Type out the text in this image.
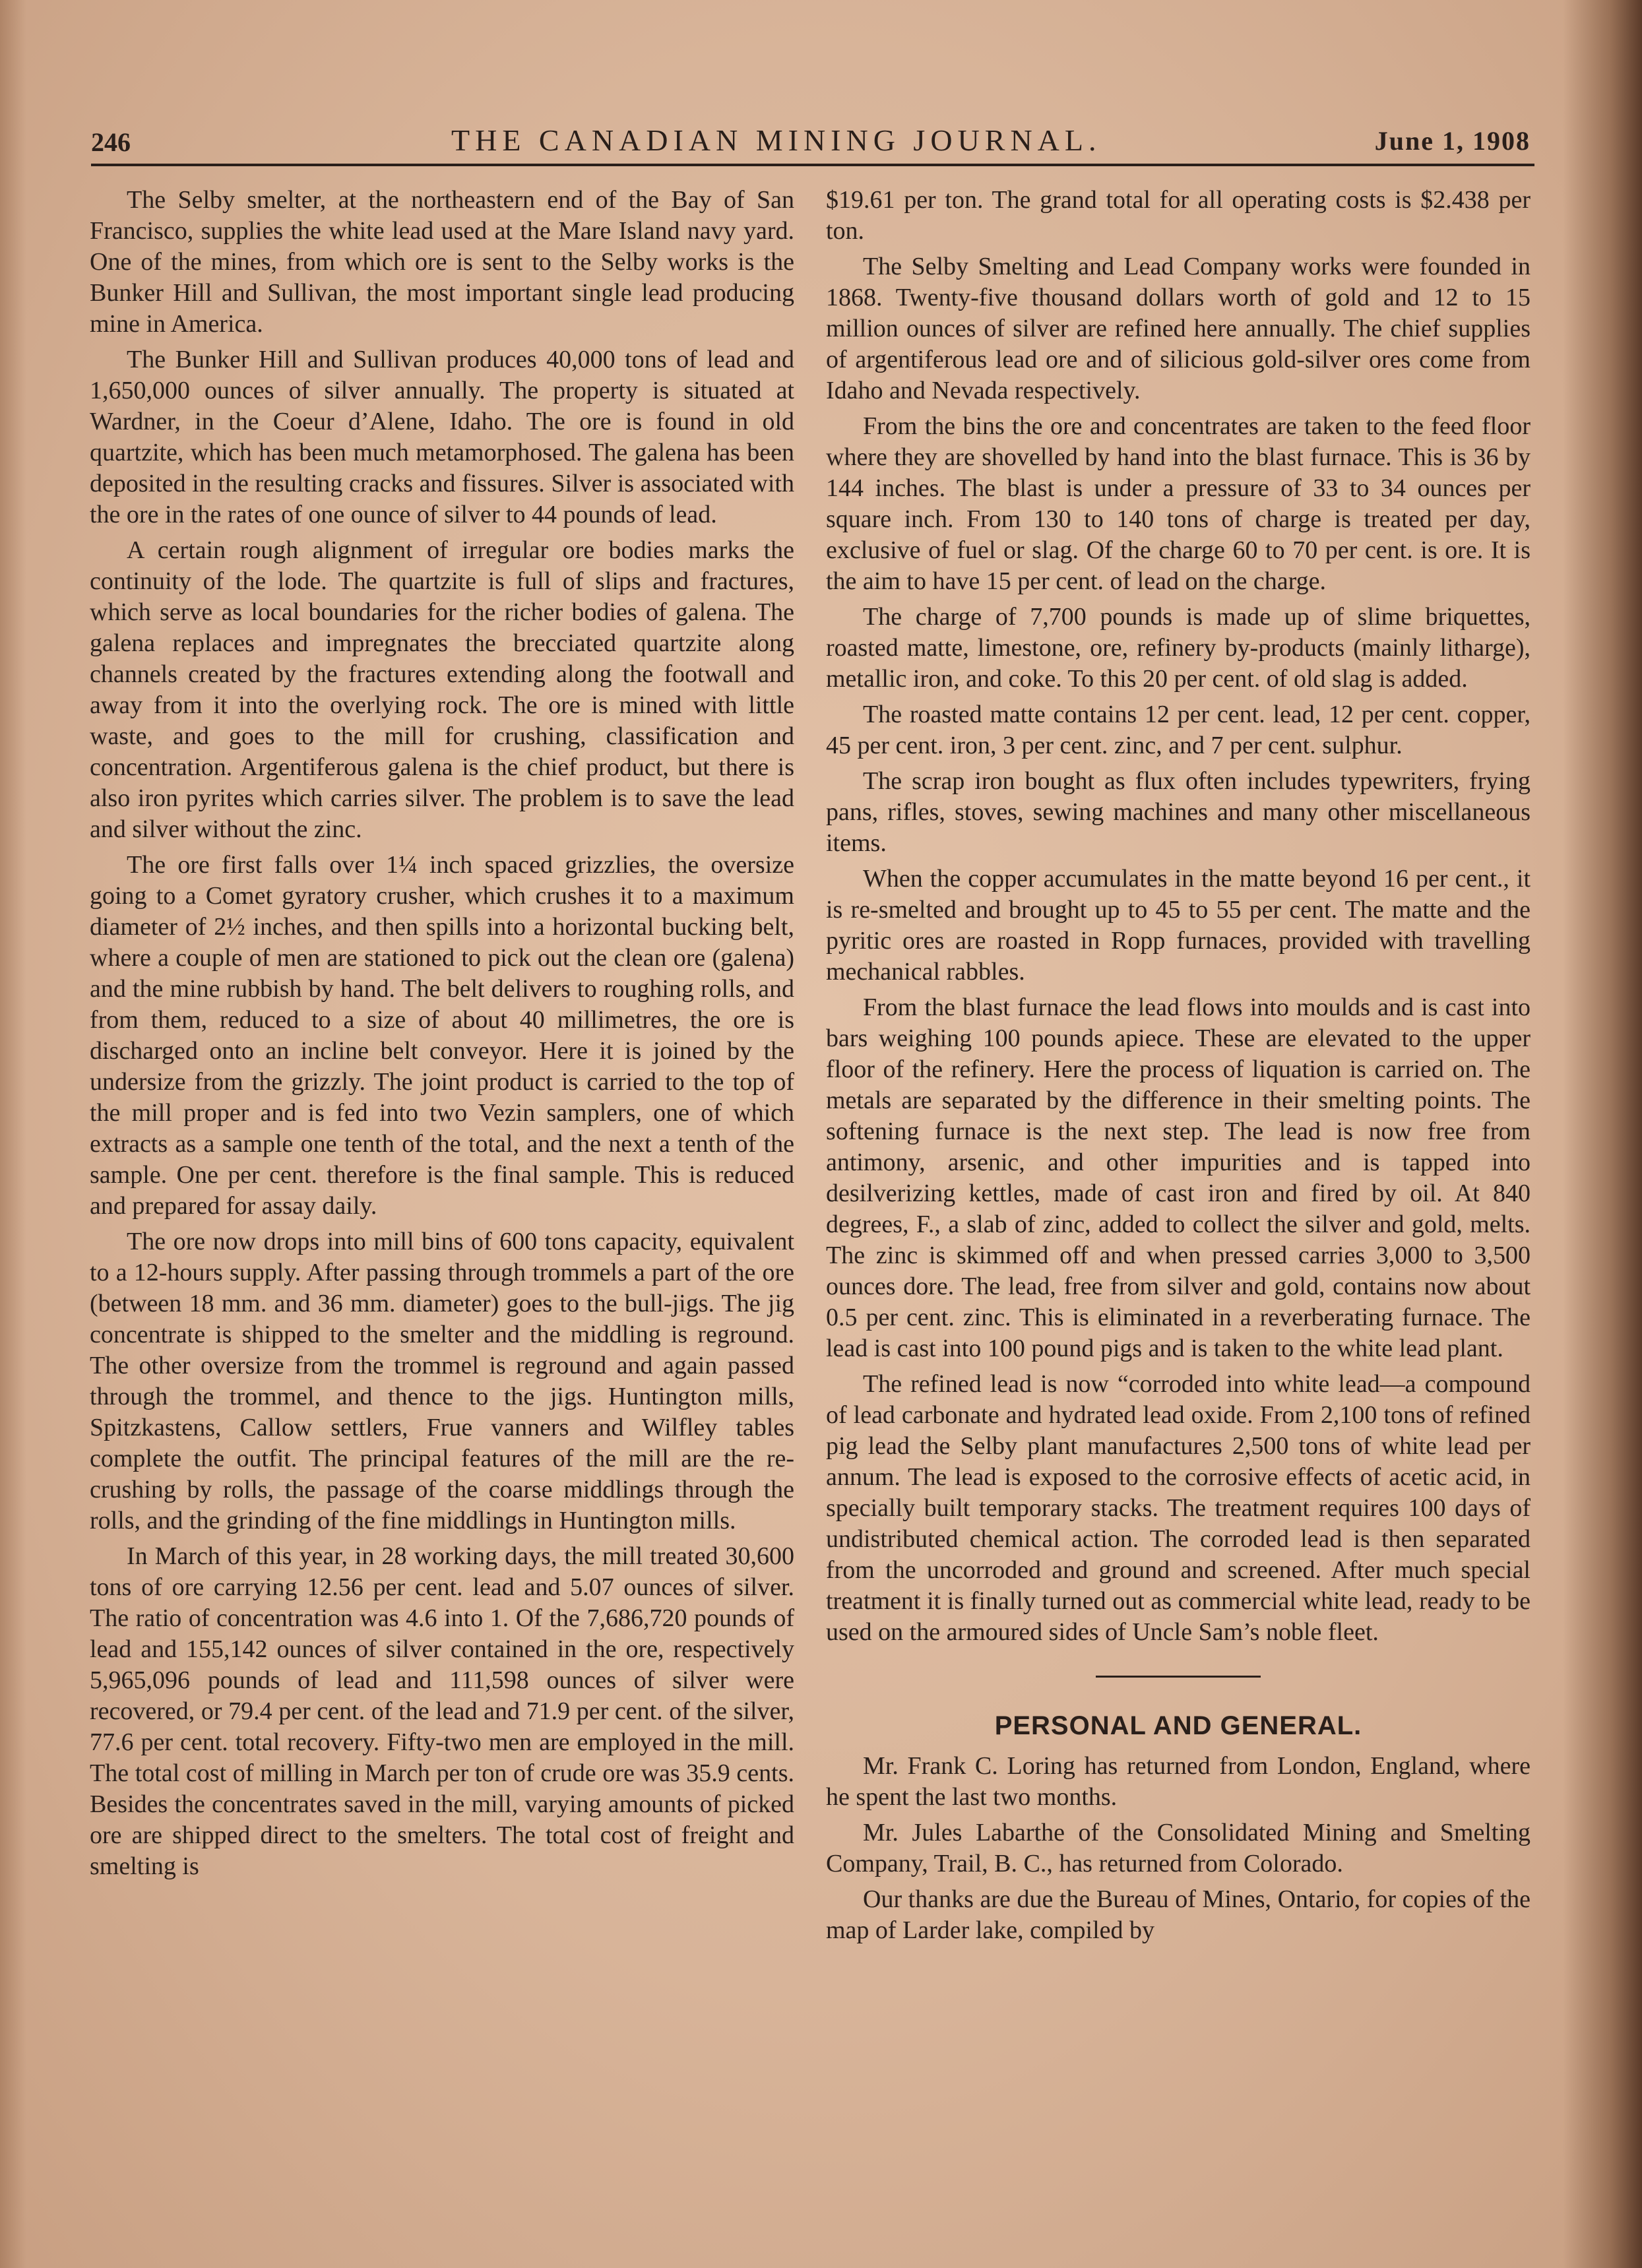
246	THE CANADIAN MINING JOURNAL.	June 1, 1908

The Selby smelter, at the northeastern end of the Bay of San Francisco, supplies the white lead used at the Mare Island navy yard. One of the mines, from which ore is sent to the Selby works is the Bunker Hill and Sullivan, the most important single lead producing mine in America.

The Bunker Hill and Sullivan produces 40,000 tons of lead and 1,650,000 ounces of silver annually. The property is situated at Wardner, in the Coeur d’Alene, Idaho. The ore is found in old quartzite, which has been much metamorphosed. The galena has been deposited in the resulting cracks and fissures. Silver is associated with the ore in the rates of one ounce of silver to 44 pounds of lead.

A certain rough alignment of irregular ore bodies marks the continuity of the lode. The quartzite is full of slips and fractures, which serve as local boundaries for the richer bodies of galena. The galena replaces and impregnates the brecciated quartzite along channels created by the fractures extending along the footwall and away from it into the overlying rock. The ore is mined with little waste, and goes to the mill for crushing, classification and concentration. Argentiferous galena is the chief product, but there is also iron pyrites which carries silver. The problem is to save the lead and silver without the zinc.

The ore first falls over 1¼ inch spaced grizzlies, the oversize going to a Comet gyratory crusher, which crushes it to a maximum diameter of 2½ inches, and then spills into a horizontal bucking belt, where a couple of men are stationed to pick out the clean ore (galena) and the mine rubbish by hand. The belt delivers to roughing rolls, and from them, reduced to a size of about 40 millimetres, the ore is discharged onto an incline belt conveyor. Here it is joined by the undersize from the grizzly. The joint product is carried to the top of the mill proper and is fed into two Vezin samplers, one of which extracts as a sample one tenth of the total, and the next a tenth of the sample. One per cent. therefore is the final sample. This is reduced and prepared for assay daily.

The ore now drops into mill bins of 600 tons capacity, equivalent to a 12-hours supply. After passing through trommels a part of the ore (between 18 mm. and 36 mm. diameter) goes to the bull-jigs. The jig concentrate is shipped to the smelter and the middling is reground. The other oversize from the trommel is reground and again passed through the trommel, and thence to the jigs. Huntington mills, Spitzkastens, Callow settlers, Frue vanners and Wilfley tables complete the outfit. The principal features of the mill are the re-crushing by rolls, the passage of the coarse middlings through the rolls, and the grinding of the fine middlings in Huntington mills.

In March of this year, in 28 working days, the mill treated 30,600 tons of ore carrying 12.56 per cent. lead and 5.07 ounces of silver. The ratio of concentration was 4.6 into 1. Of the 7,686,720 pounds of lead and 155,142 ounces of silver contained in the ore, respectively 5,965,096 pounds of lead and 111,598 ounces of silver were recovered, or 79.4 per cent. of the lead and 71.9 per cent. of the silver, 77.6 per cent. total recovery. Fifty-two men are employed in the mill. The total cost of milling in March per ton of crude ore was 35.9 cents. Besides the concentrates saved in the mill, varying amounts of picked ore are shipped direct to the smelters. The total cost of freight and smelting is

$19.61 per ton. The grand total for all operating costs is $2.438 per ton.

The Selby Smelting and Lead Company works were founded in 1868. Twenty-five thousand dollars worth of gold and 12 to 15 million ounces of silver are refined here annually. The chief supplies of argentiferous lead ore and of silicious gold-silver ores come from Idaho and Nevada respectively.

From the bins the ore and concentrates are taken to the feed floor where they are shovelled by hand into the blast furnace. This is 36 by 144 inches. The blast is under a pressure of 33 to 34 ounces per square inch. From 130 to 140 tons of charge is treated per day, exclusive of fuel or slag. Of the charge 60 to 70 per cent. is ore. It is the aim to have 15 per cent. of lead on the charge.

The charge of 7,700 pounds is made up of slime briquettes, roasted matte, limestone, ore, refinery by-products (mainly litharge), metallic iron, and coke. To this 20 per cent. of old slag is added.

The roasted matte contains 12 per cent. lead, 12 per cent. copper, 45 per cent. iron, 3 per cent. zinc, and 7 per cent. sulphur.

The scrap iron bought as flux often includes typewriters, frying pans, rifles, stoves, sewing machines and many other miscellaneous items.

When the copper accumulates in the matte beyond 16 per cent., it is re-smelted and brought up to 45 to 55 per cent. The matte and the pyritic ores are roasted in Ropp furnaces, provided with travelling mechanical rabbles.

From the blast furnace the lead flows into moulds and is cast into bars weighing 100 pounds apiece. These are elevated to the upper floor of the refinery. Here the process of liquation is carried on. The metals are separated by the difference in their smelting points. The softening furnace is the next step. The lead is now free from antimony, arsenic, and other impurities and is tapped into desilverizing kettles, made of cast iron and fired by oil. At 840 degrees, F., a slab of zinc, added to collect the silver and gold, melts. The zinc is skimmed off and when pressed carries 3,000 to 3,500 ounces dore. The lead, free from silver and gold, contains now about 0.5 per cent. zinc. This is eliminated in a reverberating furnace. The lead is cast into 100 pound pigs and is taken to the white lead plant.

The refined lead is now “corroded into white lead—a compound of lead carbonate and hydrated lead oxide. From 2,100 tons of refined pig lead the Selby plant manufactures 2,500 tons of white lead per annum. The lead is exposed to the corrosive effects of acetic acid, in specially built temporary stacks. The treatment requires 100 days of undistributed chemical action. The corroded lead is then separated from the uncorroded and ground and screened. After much special treatment it is finally turned out as commercial white lead, ready to be used on the armoured sides of Uncle Sam’s noble fleet.

PERSONAL AND GENERAL.

Mr. Frank C. Loring has returned from London, England, where he spent the last two months.

Mr. Jules Labarthe of the Consolidated Mining and Smelting Company, Trail, B. C., has returned from Colorado.

Our thanks are due the Bureau of Mines, Ontario, for copies of the map of Larder lake, compiled by
